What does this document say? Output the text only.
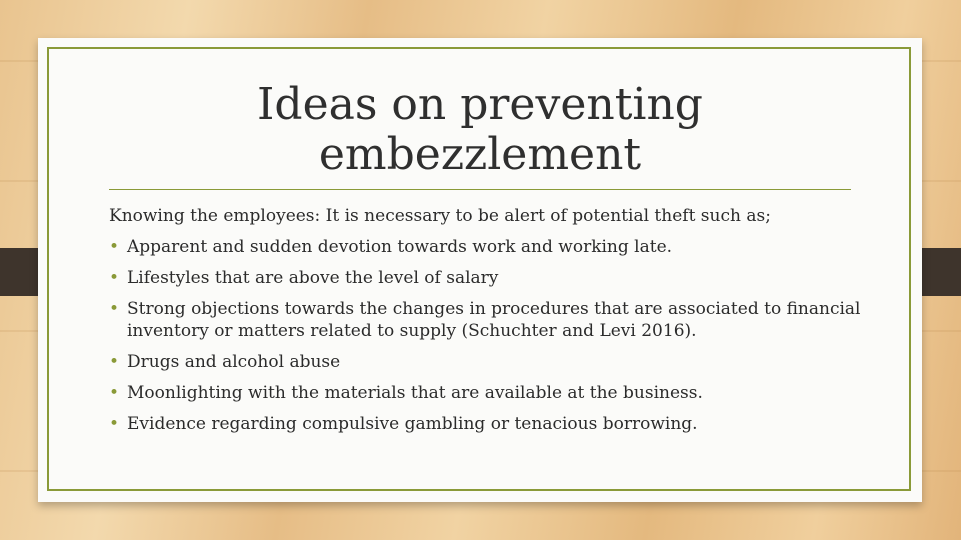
Ideas on preventing embezzlement
Knowing the employees: It is necessary to be alert of potential theft such as;
• Apparent and sudden devotion towards work and working late.
• Lifestyles that are above the level of salary
• Strong objections towards the changes in procedures that are associated to financial inventory or matters related to supply (Schuchter and Levi 2016).
• Drugs and alcohol abuse
• Moonlighting with the materials that are available at the business.
• Evidence regarding compulsive gambling or tenacious borrowing.
